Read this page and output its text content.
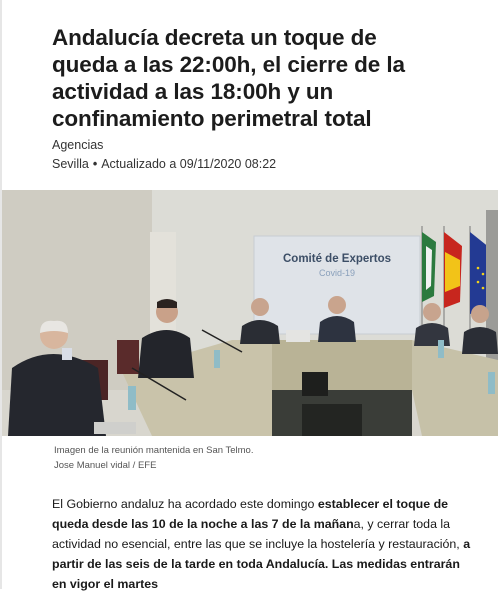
Andalucía decreta un toque de queda a las 22:00h, el cierre de la actividad a las 18:00h y un confinamiento perimetral total
Agencias
Sevilla • Actualizado a 09/11/2020 08:22
Comité de Expertos
Covid-19
Imagen de la reunión mantenida en San Telmo.
Jose Manuel vidal / EFE

El Gobierno andaluz ha acordado este domingo establecer el toque de queda desde las 10 de la noche a las 7 de la mañana, y cerrar toda la actividad no esencial, entre las que se incluye la hostelería y restauración, a partir de las seis de la tarde en toda Andalucía. Las medidas entrarán en vigor el martes
